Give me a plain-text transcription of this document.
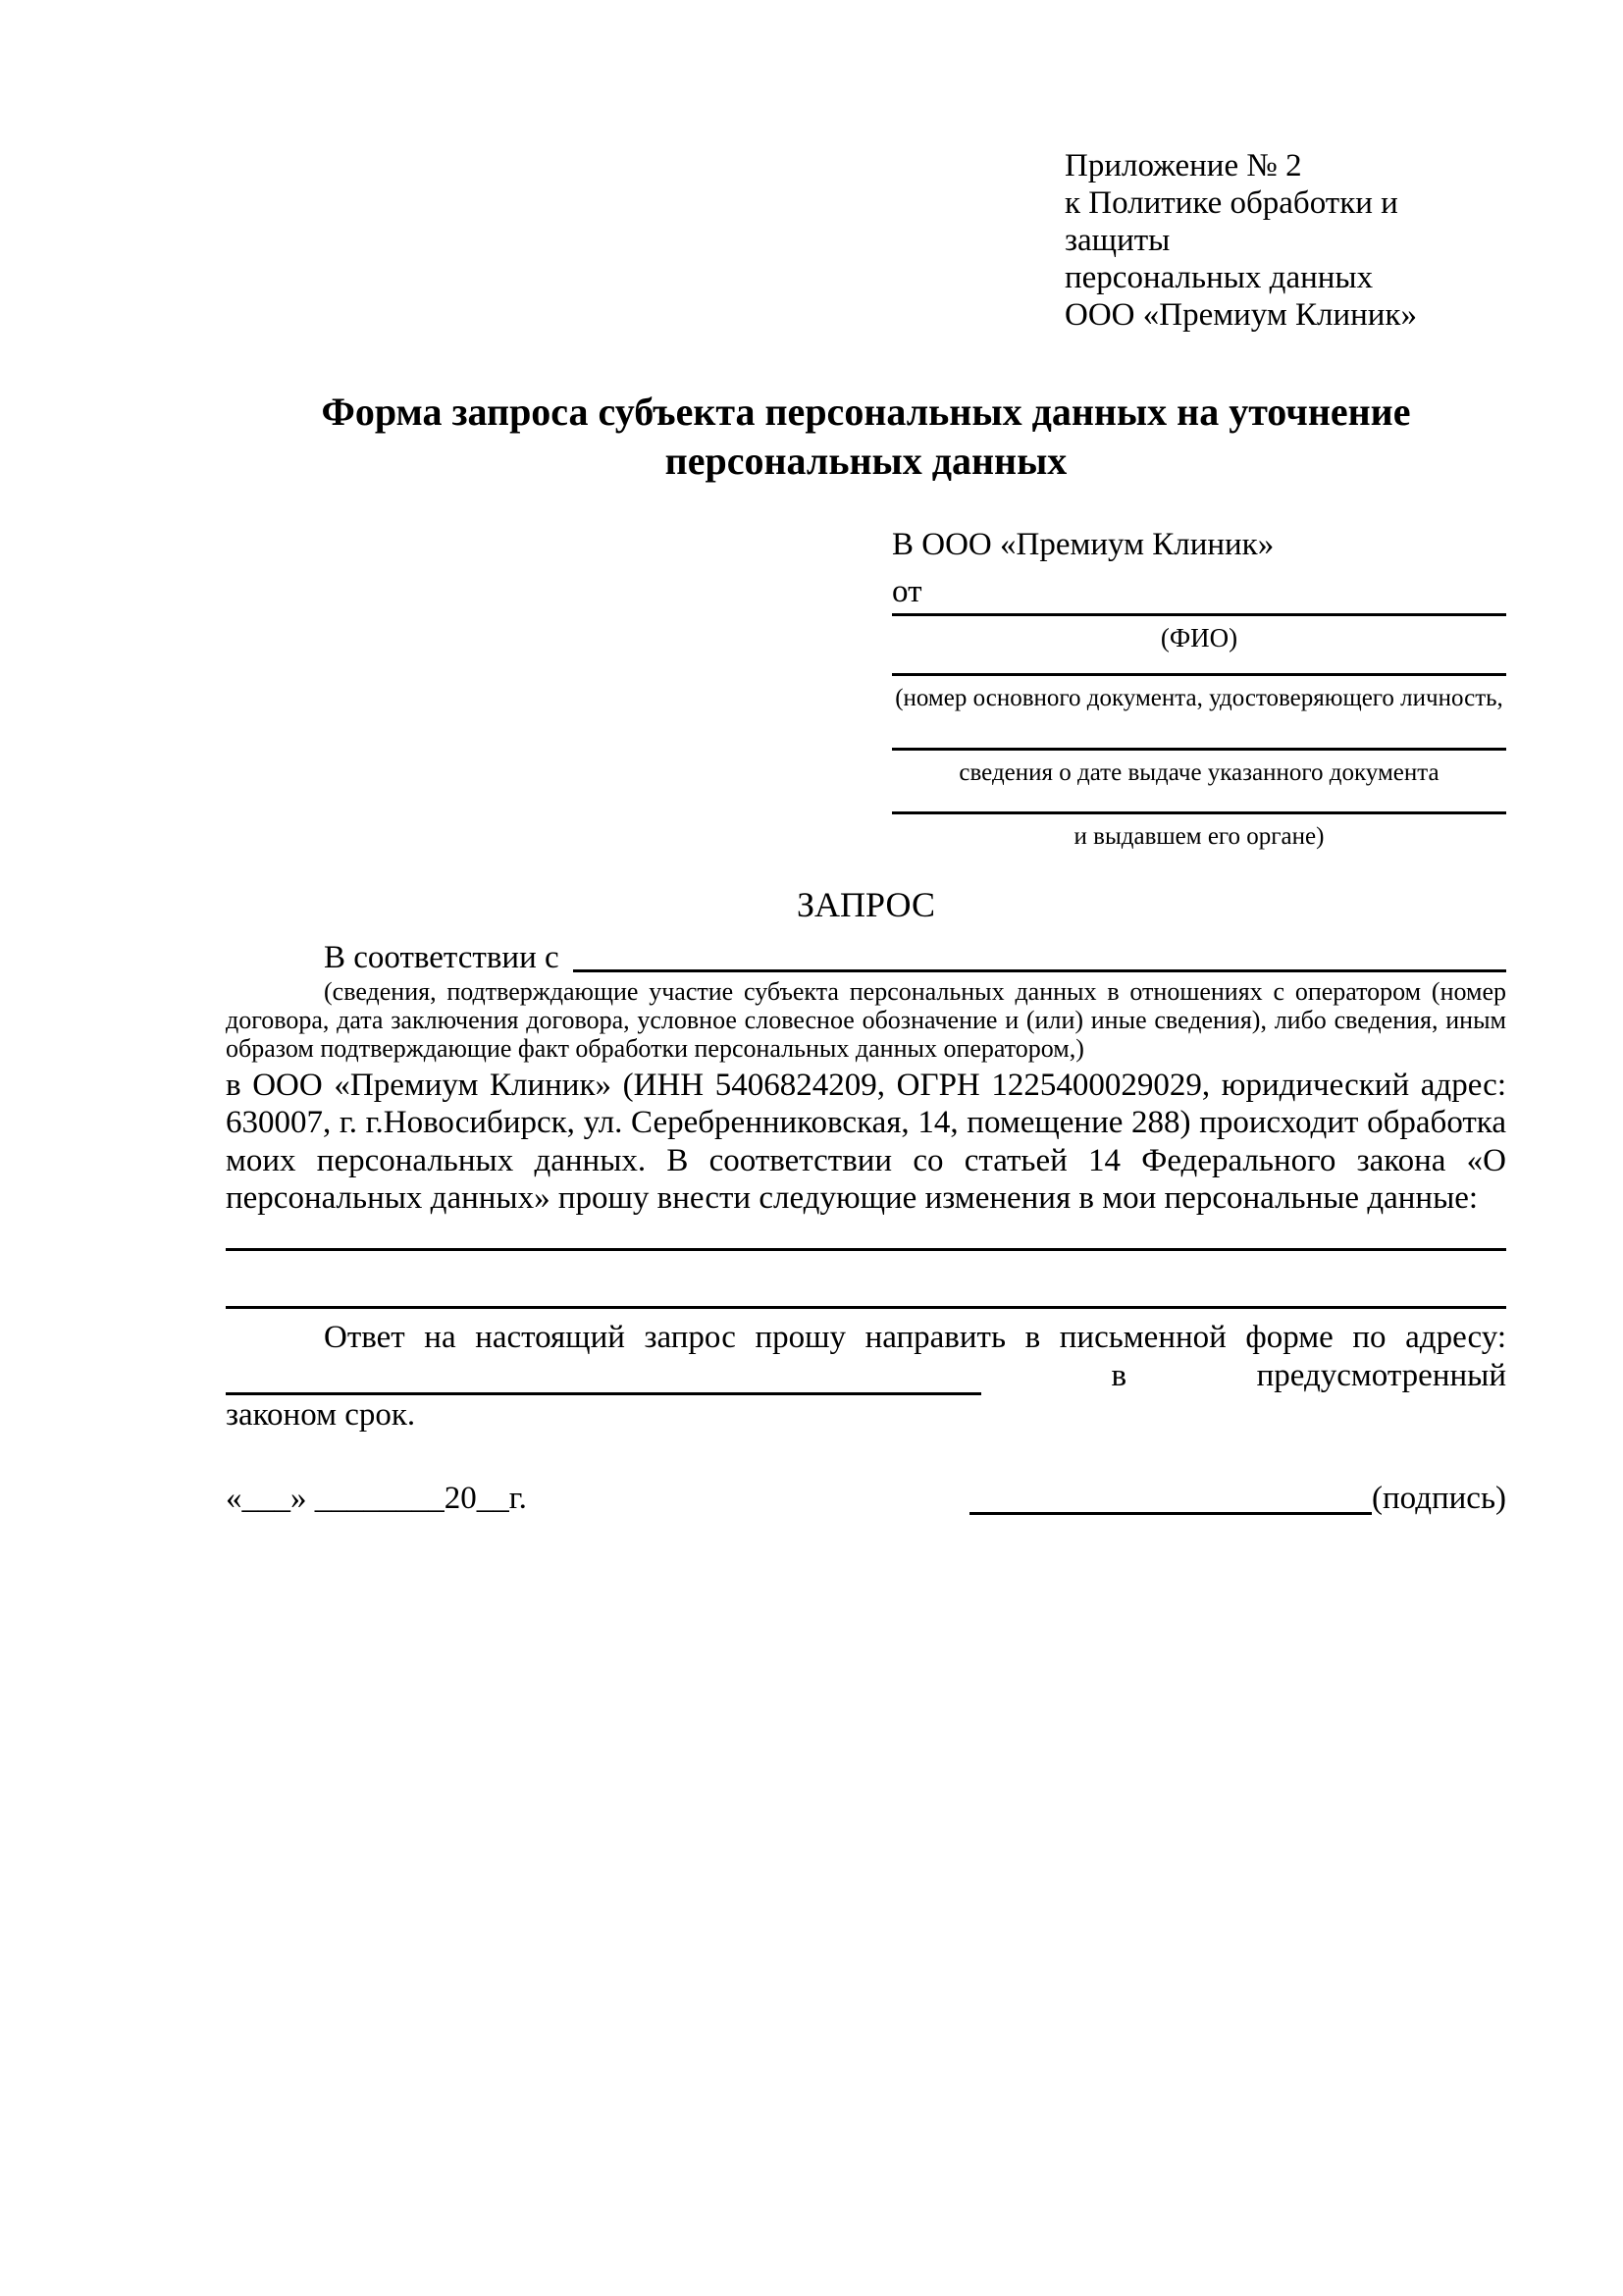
Приложение № 2
к Политике обработки и защиты
персональных данных
ООО «Премиум Клиник»
Форма запроса субъекта персональных данных на уточнение
персональных данных
В ООО «Премиум Клиник»
от
(ФИО)
(номер основного документа, удостоверяющего личность,
сведения о дате выдаче указанного документа
и выдавшем его органе)
ЗАПРОС
В соответствии с

(сведения, подтверждающие участие субъекта персональных данных в отношениях с оператором (номер договора, дата заключения договора, условное словесное обозначение и (или) иные сведения), либо сведения, иным образом подтверждающие факт обработки персональных данных оператором,)

в ООО «Премиум Клиник» (ИНН 5406824209, ОГРН 1225400029029, юридический адрес: 630007, г. г.Новосибирск, ул. Серебренниковская, 14, помещение 288) происходит обработка моих персональных данных. В соответствии со статьей 14 Федерального закона «О персональных данных» прошу внести следующие изменения в мои персональные данные:

Ответ на настоящий запрос прошу направить в письменной форме по адресу:

в	предусмотренный
законом срок.
«___» ________20__г.	(подпись)
